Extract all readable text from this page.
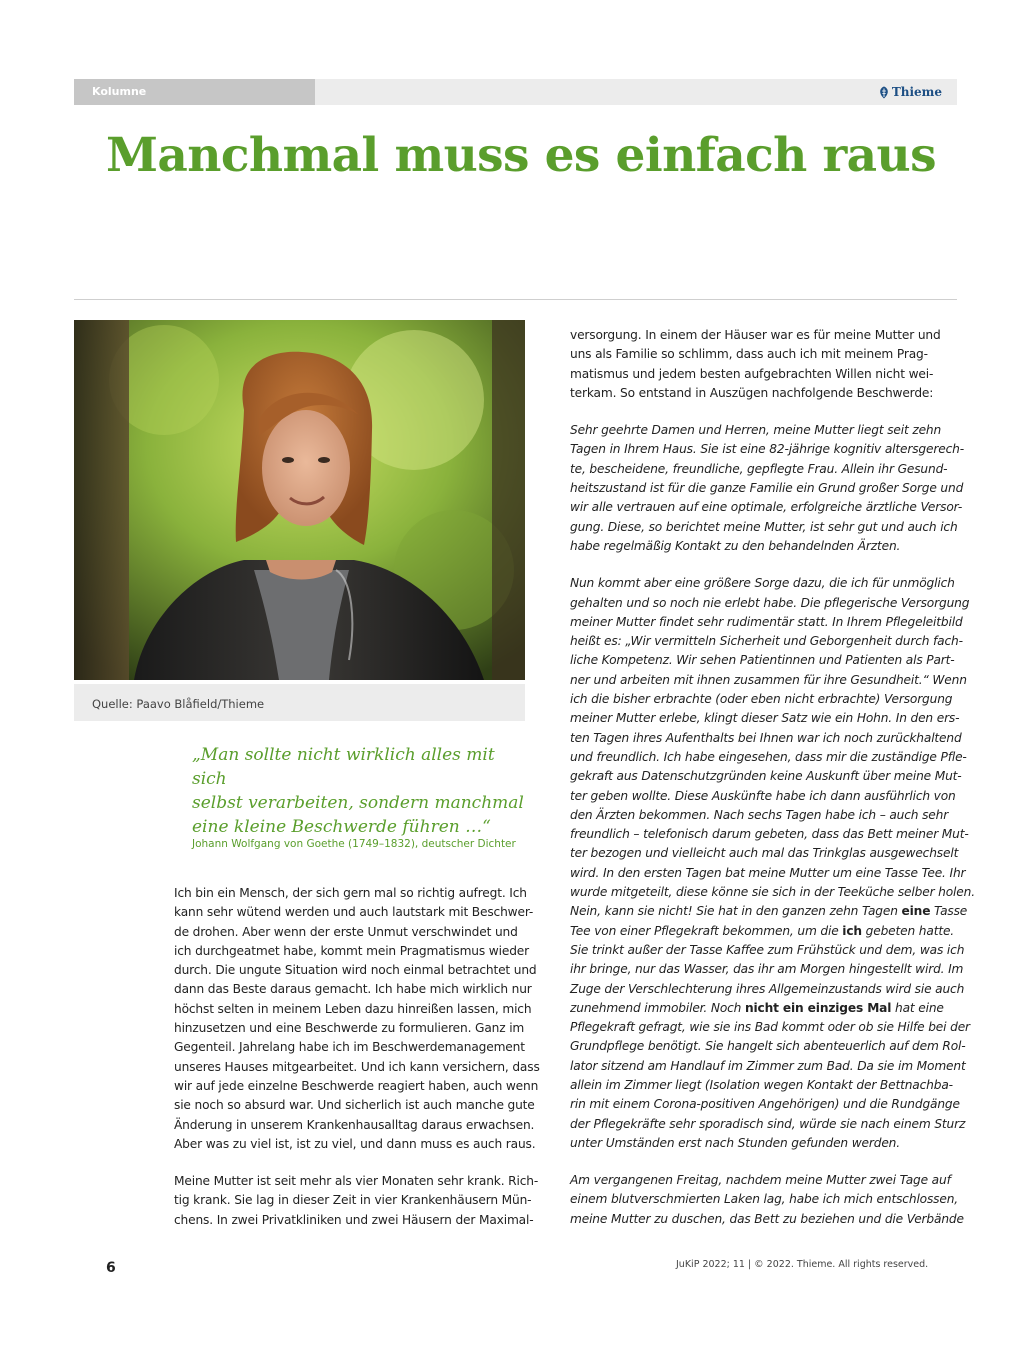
Kolumne	Thieme
Manchmal muss es einfach raus
Quelle: Paavo Blåfield/Thieme
„Man sollte nicht wirklich alles mit sich
selbst verarbeiten, sondern manchmal
eine kleine Beschwerde führen …“
Johann Wolfgang von Goethe (1749–1832), deutscher Dichter
Ich bin ein Mensch, der sich gern mal so richtig aufregt. Ich
kann sehr wütend werden und auch lautstark mit Beschwer-
de drohen. Aber wenn der erste Unmut verschwindet und
ich durchgeatmet habe, kommt mein Pragmatismus wieder
durch. Die ungute Situation wird noch einmal betrachtet und
dann das Beste daraus gemacht. Ich habe mich wirklich nur
höchst selten in meinem Leben dazu hinreißen lassen, mich
hinzusetzen und eine Beschwerde zu formulieren. Ganz im
Gegenteil. Jahrelang habe ich im Beschwerdemanagement
unseres Hauses mitgearbeitet. Und ich kann versichern, dass
wir auf jede einzelne Beschwerde reagiert haben, auch wenn
sie noch so absurd war. Und sicherlich ist auch manche gute
Änderung in unserem Krankenhausalltag daraus erwachsen.
Aber was zu viel ist, ist zu viel, und dann muss es auch raus.
Meine Mutter ist seit mehr als vier Monaten sehr krank. Rich-
tig krank. Sie lag in dieser Zeit in vier Krankenhäusern Mün-
chens. In zwei Privatkliniken und zwei Häusern der Maximal-
versorgung. In einem der Häuser war es für meine Mutter und
uns als Familie so schlimm, dass auch ich mit meinem Prag-
matismus und jedem besten aufgebrachten Willen nicht wei-
terkam. So entstand in Auszügen nachfolgende Beschwerde:
Sehr geehrte Damen und Herren, meine Mutter liegt seit zehn
Tagen in Ihrem Haus. Sie ist eine 82-jährige kognitiv altersgerech-
te, bescheidene, freundliche, gepflegte Frau. Allein ihr Gesund-
heitszustand ist für die ganze Familie ein Grund großer Sorge und
wir alle vertrauen auf eine optimale, erfolgreiche ärztliche Versor-
gung. Diese, so berichtet meine Mutter, ist sehr gut und auch ich
habe regelmäßig Kontakt zu den behandelnden Ärzten.
Nun kommt aber eine größere Sorge dazu, die ich für unmöglich
gehalten und so noch nie erlebt habe. Die pflegerische Versorgung
meiner Mutter findet sehr rudimentär statt. In Ihrem Pflegeleitbild
heißt es: „Wir vermitteln Sicherheit und Geborgenheit durch fach-
liche Kompetenz. Wir sehen Patientinnen und Patienten als Part-
ner und arbeiten mit ihnen zusammen für ihre Gesundheit.“ Wenn
ich die bisher erbrachte (oder eben nicht erbrachte) Versorgung
meiner Mutter erlebe, klingt dieser Satz wie ein Hohn. In den ers-
ten Tagen ihres Aufenthalts bei Ihnen war ich noch zurückhaltend
und freundlich. Ich habe eingesehen, dass mir die zuständige Pfle-
gekraft aus Datenschutzgründen keine Auskunft über meine Mut-
ter geben wollte. Diese Auskünfte habe ich dann ausführlich von
den Ärzten bekommen. Nach sechs Tagen habe ich – auch sehr
freundlich – telefonisch darum gebeten, dass das Bett meiner Mut-
ter bezogen und vielleicht auch mal das Trinkglas ausgewechselt
wird. In den ersten Tagen bat meine Mutter um eine Tasse Tee. Ihr
wurde mitgeteilt, diese könne sie sich in der Teeküche selber holen.
Nein, kann sie nicht! Sie hat in den ganzen zehn Tagen eine Tasse
Tee von einer Pflegekraft bekommen, um die ich gebeten hatte.
Sie trinkt außer der Tasse Kaffee zum Frühstück und dem, was ich
ihr bringe, nur das Wasser, das ihr am Morgen hingestellt wird. Im
Zuge der Verschlechterung ihres Allgemeinzustands wird sie auch
zunehmend immobiler. Noch nicht ein einziges Mal hat eine
Pflegekraft gefragt, wie sie ins Bad kommt oder ob sie Hilfe bei der
Grundpflege benötigt. Sie hangelt sich abenteuerlich auf dem Rol-
lator sitzend am Handlauf im Zimmer zum Bad. Da sie im Moment
allein im Zimmer liegt (Isolation wegen Kontakt der Bettnachba-
rin mit einem Corona-positiven Angehörigen) und die Rundgänge
der Pflegekräfte sehr sporadisch sind, würde sie nach einem Sturz
unter Umständen erst nach Stunden gefunden werden.
Am vergangenen Freitag, nachdem meine Mutter zwei Tage auf
einem blutverschmierten Laken lag, habe ich mich entschlossen,
meine Mutter zu duschen, das Bett zu beziehen und die Verbände
6	JuKiP 2022; 11 | © 2022. Thieme. All rights reserved.
